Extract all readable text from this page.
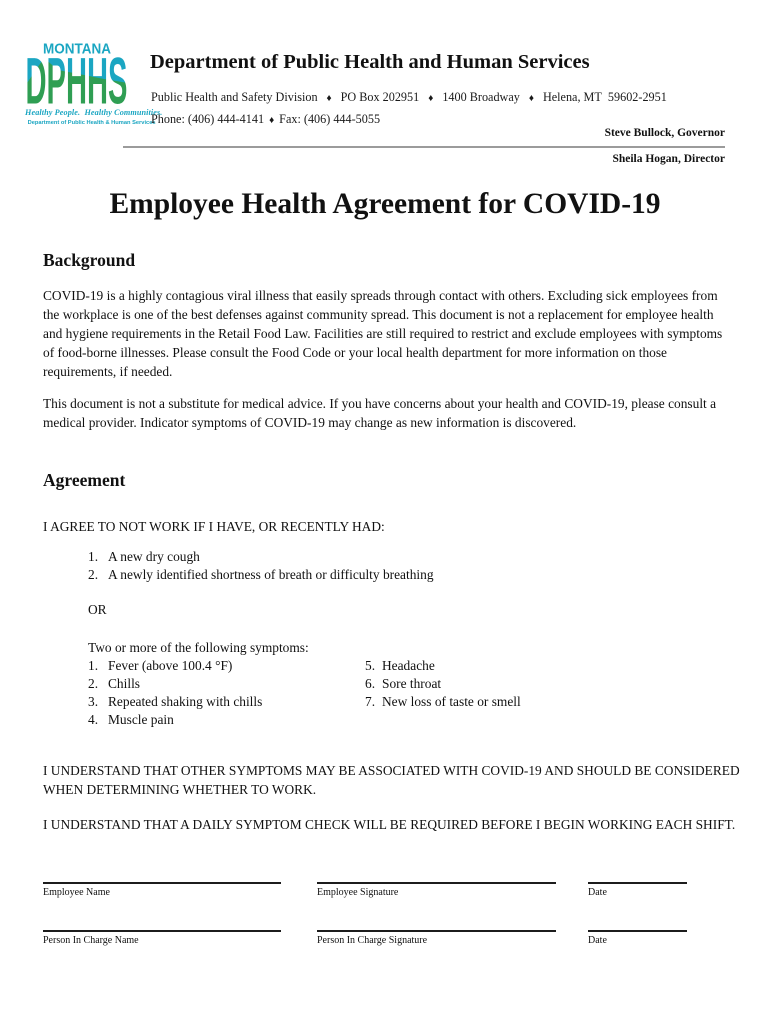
MONTANA
Healthy People.  Healthy Communities.
Department of Public Health & Human Services
Department of Public Health and Human Services
Public Health and Safety Division ♦ PO Box 202951 ♦ 1400 Broadway ♦ Helena, MT  59602-2951
Phone: (406) 444-4141 ♦ Fax: (406) 444-5055
Steve Bullock, Governor
Sheila Hogan, Director
Employee Health Agreement for COVID-19
Background
COVID-19 is a highly contagious viral illness that easily spreads through contact with others. Excluding sick employees from the workplace is one of the best defenses against community spread. This document is not a replacement for employee health and hygiene requirements in the Retail Food Law. Facilities are still required to restrict and exclude employees with symptoms of food-borne illnesses. Please consult the Food Code or your local health department for more information on those requirements, if needed.
This document is not a substitute for medical advice. If you have concerns about your health and COVID-19, please consult a medical provider. Indicator symptoms of COVID-19 may change as new information is discovered.
Agreement
I AGREE TO NOT WORK IF I HAVE, OR RECENTLY HAD:
1. A new dry cough
2. A newly identified shortness of breath or difficulty breathing
OR
Two or more of the following symptoms:
1. Fever (above 100.4 °F)
2. Chills
3. Repeated shaking with chills
4. Muscle pain
5. Headache
6. Sore throat
7. New loss of taste or smell
I UNDERSTAND THAT OTHER SYMPTOMS MAY BE ASSOCIATED WITH COVID-19 AND SHOULD BE CONSIDERED WHEN DETERMINING WHETHER TO WORK.
I UNDERSTAND THAT A DAILY SYMPTOM CHECK WILL BE REQUIRED BEFORE I BEGIN WORKING EACH SHIFT.
Employee Name	Employee Signature	Date
Person In Charge Name	Person In Charge Signature	Date
